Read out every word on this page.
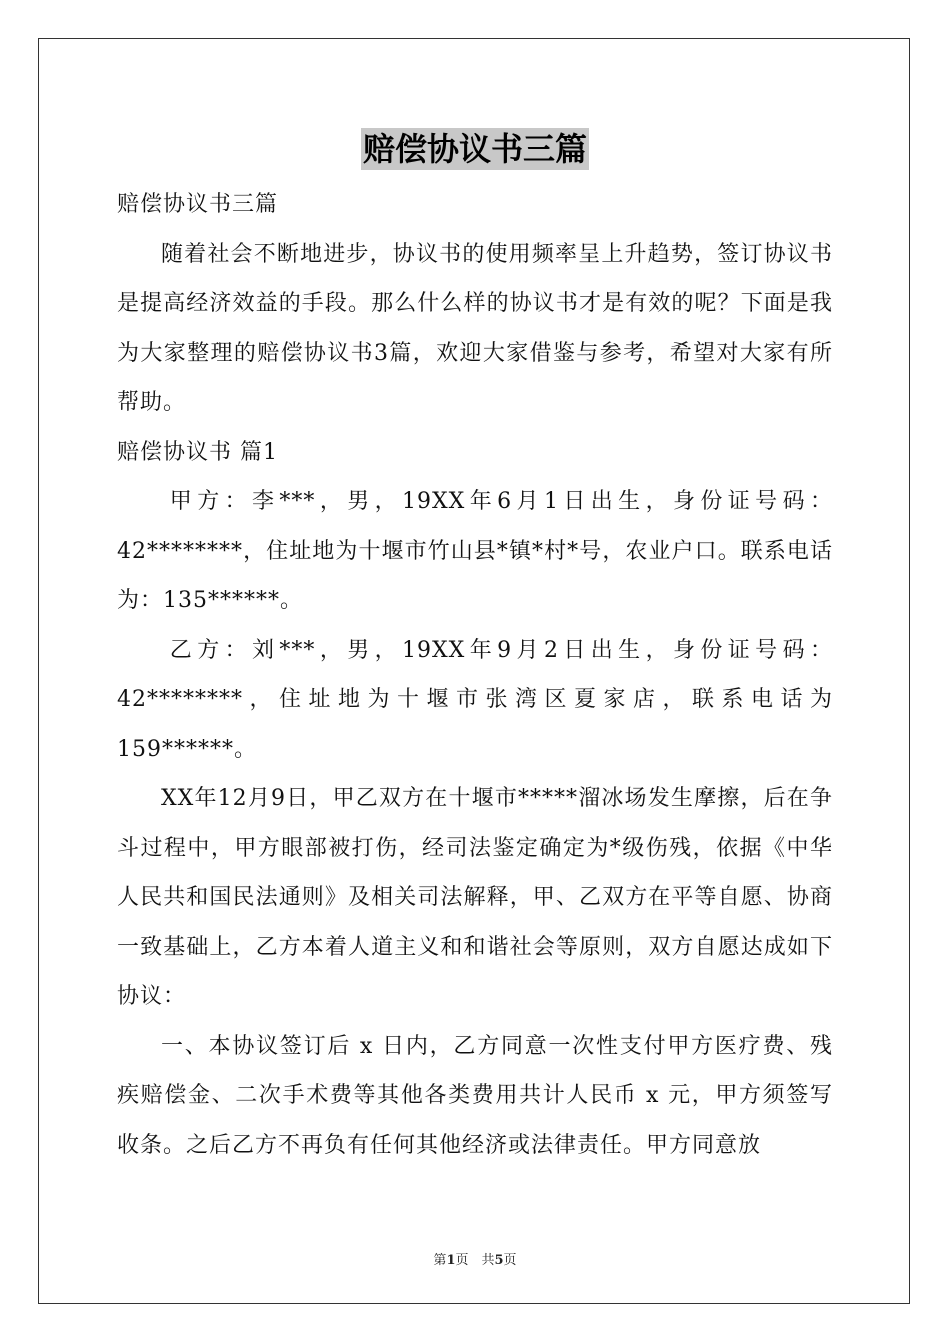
赔偿协议书三篇

赔偿协议书三篇

随着社会不断地进步，协议书的使用频率呈上升趋势，签订协议书是提高经济效益的手段。那么什么样的协议书才是有效的呢？下面是我为大家整理的赔偿协议书3篇，欢迎大家借鉴与参考，希望对大家有所帮助。

赔偿协议书 篇1

甲方：李***，男，19XX年6月1日出生，身份证号码：42********，住址地为十堰市竹山县*镇*村*号，农业户口。联系电话为：135******。

乙方：刘***，男，19XX年9月2日出生，身份证号码：42********，住址地为十堰市张湾区夏家店，联系电话为159******。

XX年12月9日，甲乙双方在十堰市*****溜冰场发生摩擦，后在争斗过程中，甲方眼部被打伤，经司法鉴定确定为*级伤残，依据《中华人民共和国民法通则》及相关司法解释，甲、乙双方在平等自愿、协商一致基础上，乙方本着人道主义和和谐社会等原则，双方自愿达成如下协议：

一、本协议签订后 x 日内，乙方同意一次性支付甲方医疗费、残疾赔偿金、二次手术费等其他各类费用共计人民币 x 元，甲方须签写收条。之后乙方不再负有任何其他经济或法律责任。甲方同意放

第1页　共5页
